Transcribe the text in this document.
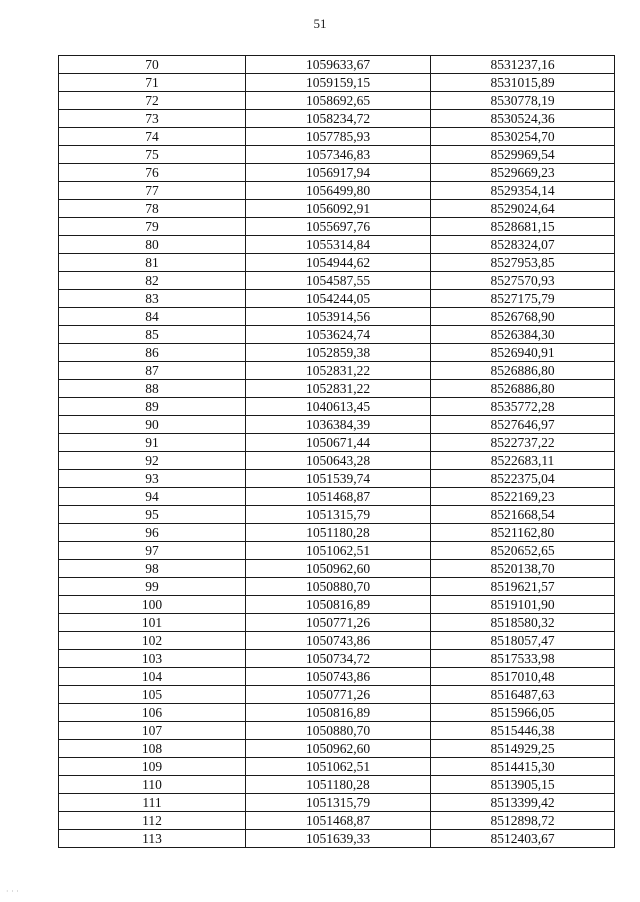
51
70	1059633,67	8531237,16
71	1059159,15	8531015,89
72	1058692,65	8530778,19
73	1058234,72	8530524,36
74	1057785,93	8530254,70
75	1057346,83	8529969,54
76	1056917,94	8529669,23
77	1056499,80	8529354,14
78	1056092,91	8529024,64
79	1055697,76	8528681,15
80	1055314,84	8528324,07
81	1054944,62	8527953,85
82	1054587,55	8527570,93
83	1054244,05	8527175,79
84	1053914,56	8526768,90
85	1053624,74	8526384,30
86	1052859,38	8526940,91
87	1052831,22	8526886,80
88	1052831,22	8526886,80
89	1040613,45	8535772,28
90	1036384,39	8527646,97
91	1050671,44	8522737,22
92	1050643,28	8522683,11
93	1051539,74	8522375,04
94	1051468,87	8522169,23
95	1051315,79	8521668,54
96	1051180,28	8521162,80
97	1051062,51	8520652,65
98	1050962,60	8520138,70
99	1050880,70	8519621,57
100	1050816,89	8519101,90
101	1050771,26	8518580,32
102	1050743,86	8518057,47
103	1050734,72	8517533,98
104	1050743,86	8517010,48
105	1050771,26	8516487,63
106	1050816,89	8515966,05
107	1050880,70	8515446,38
108	1050962,60	8514929,25
109	1051062,51	8514415,30
110	1051180,28	8513905,15
111	1051315,79	8513399,42
112	1051468,87	8512898,72
113	1051639,33	8512403,67
· · ·
